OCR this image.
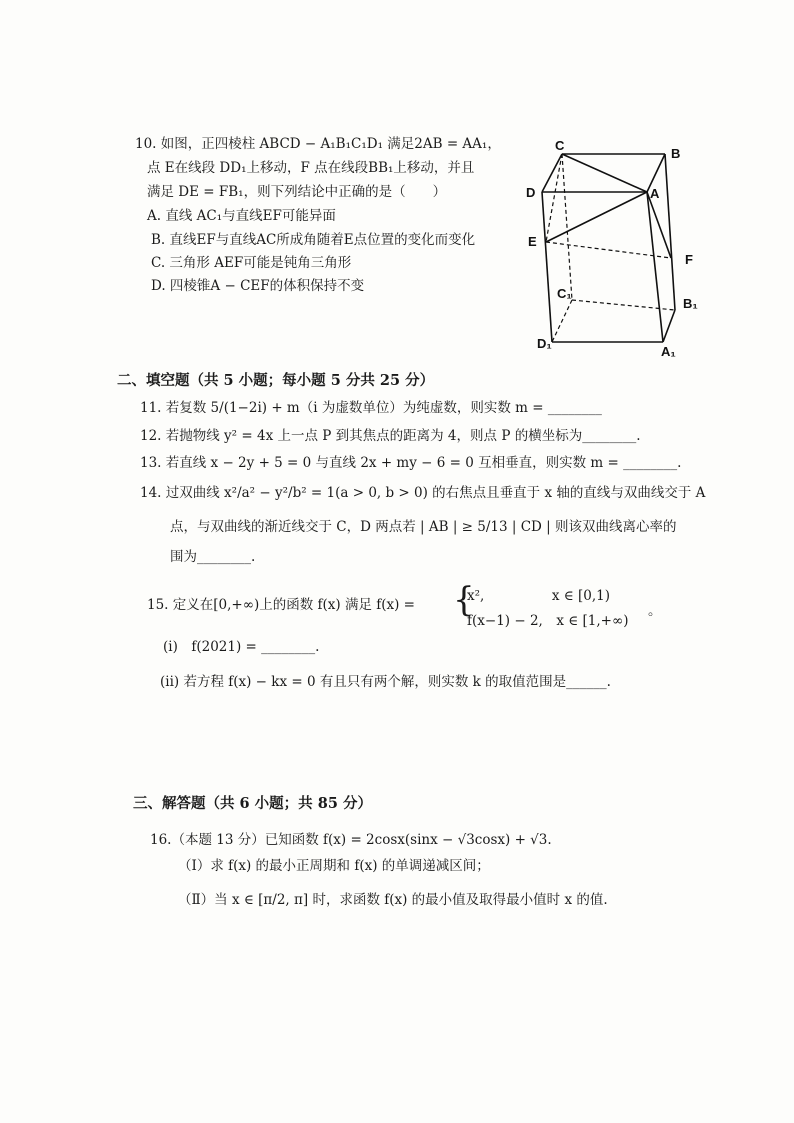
10. 如图，正四棱柱 ABCD − A₁B₁C₁D₁ 满足2AB = AA₁，
点 E在线段 DD₁上移动，F 点在线段BB₁上移动，并且
满足 DE = FB₁，则下列结论中正确的是（　　）
A. 直线 AC₁与直线EF可能异面
B. 直线EF与直线AC所成角随着E点位置的变化而变化
C. 三角形 AEF可能是钝角三角形
D. 四棱锥A − CEF的体积保持不变
C
B
D	A
E
F
C₁
B₁
D₁
A₁
二、填空题（共 5 小题；每小题 5 分共 25 分）
11. 若复数 5/(1−2i) + m（i 为虚数单位）为纯虚数，则实数 m = ________
12. 若抛物线 y² = 4x 上一点 P 到其焦点的距离为 4，则点 P 的横坐标为________.
13. 若直线 x − 2y + 5 = 0 与直线 2x + my − 6 = 0 互相垂直，则实数 m = ________.
14. 过双曲线 x²/a² − y²/b² = 1(a > 0, b > 0) 的右焦点且垂直于 x 轴的直线与双曲线交于 A
点，与双曲线的渐近线交于 C，D 两点若 | AB | ≥ 5/13 | CD | 则该双曲线离心率的
围为________.
15. 定义在[0,+∞)上的函数 f(x) 满足 f(x) = {
x²,　　　　　x ∈ [0,1)
f(x−1) − 2,　x ∈ [1,+∞)
。
(i)　f(2021) = ________.
(ii) 若方程 f(x) − kx = 0 有且只有两个解，则实数 k 的取值范围是______.
三、解答题（共 6 小题；共 85 分）
16.（本题 13 分）已知函数 f(x) = 2cosx(sinx − √3cosx) + √3.
（Ⅰ）求 f(x) 的最小正周期和 f(x) 的单调递减区间；
（Ⅱ）当 x ∈ [π/2, π] 时，求函数 f(x) 的最小值及取得最小值时 x 的值.
